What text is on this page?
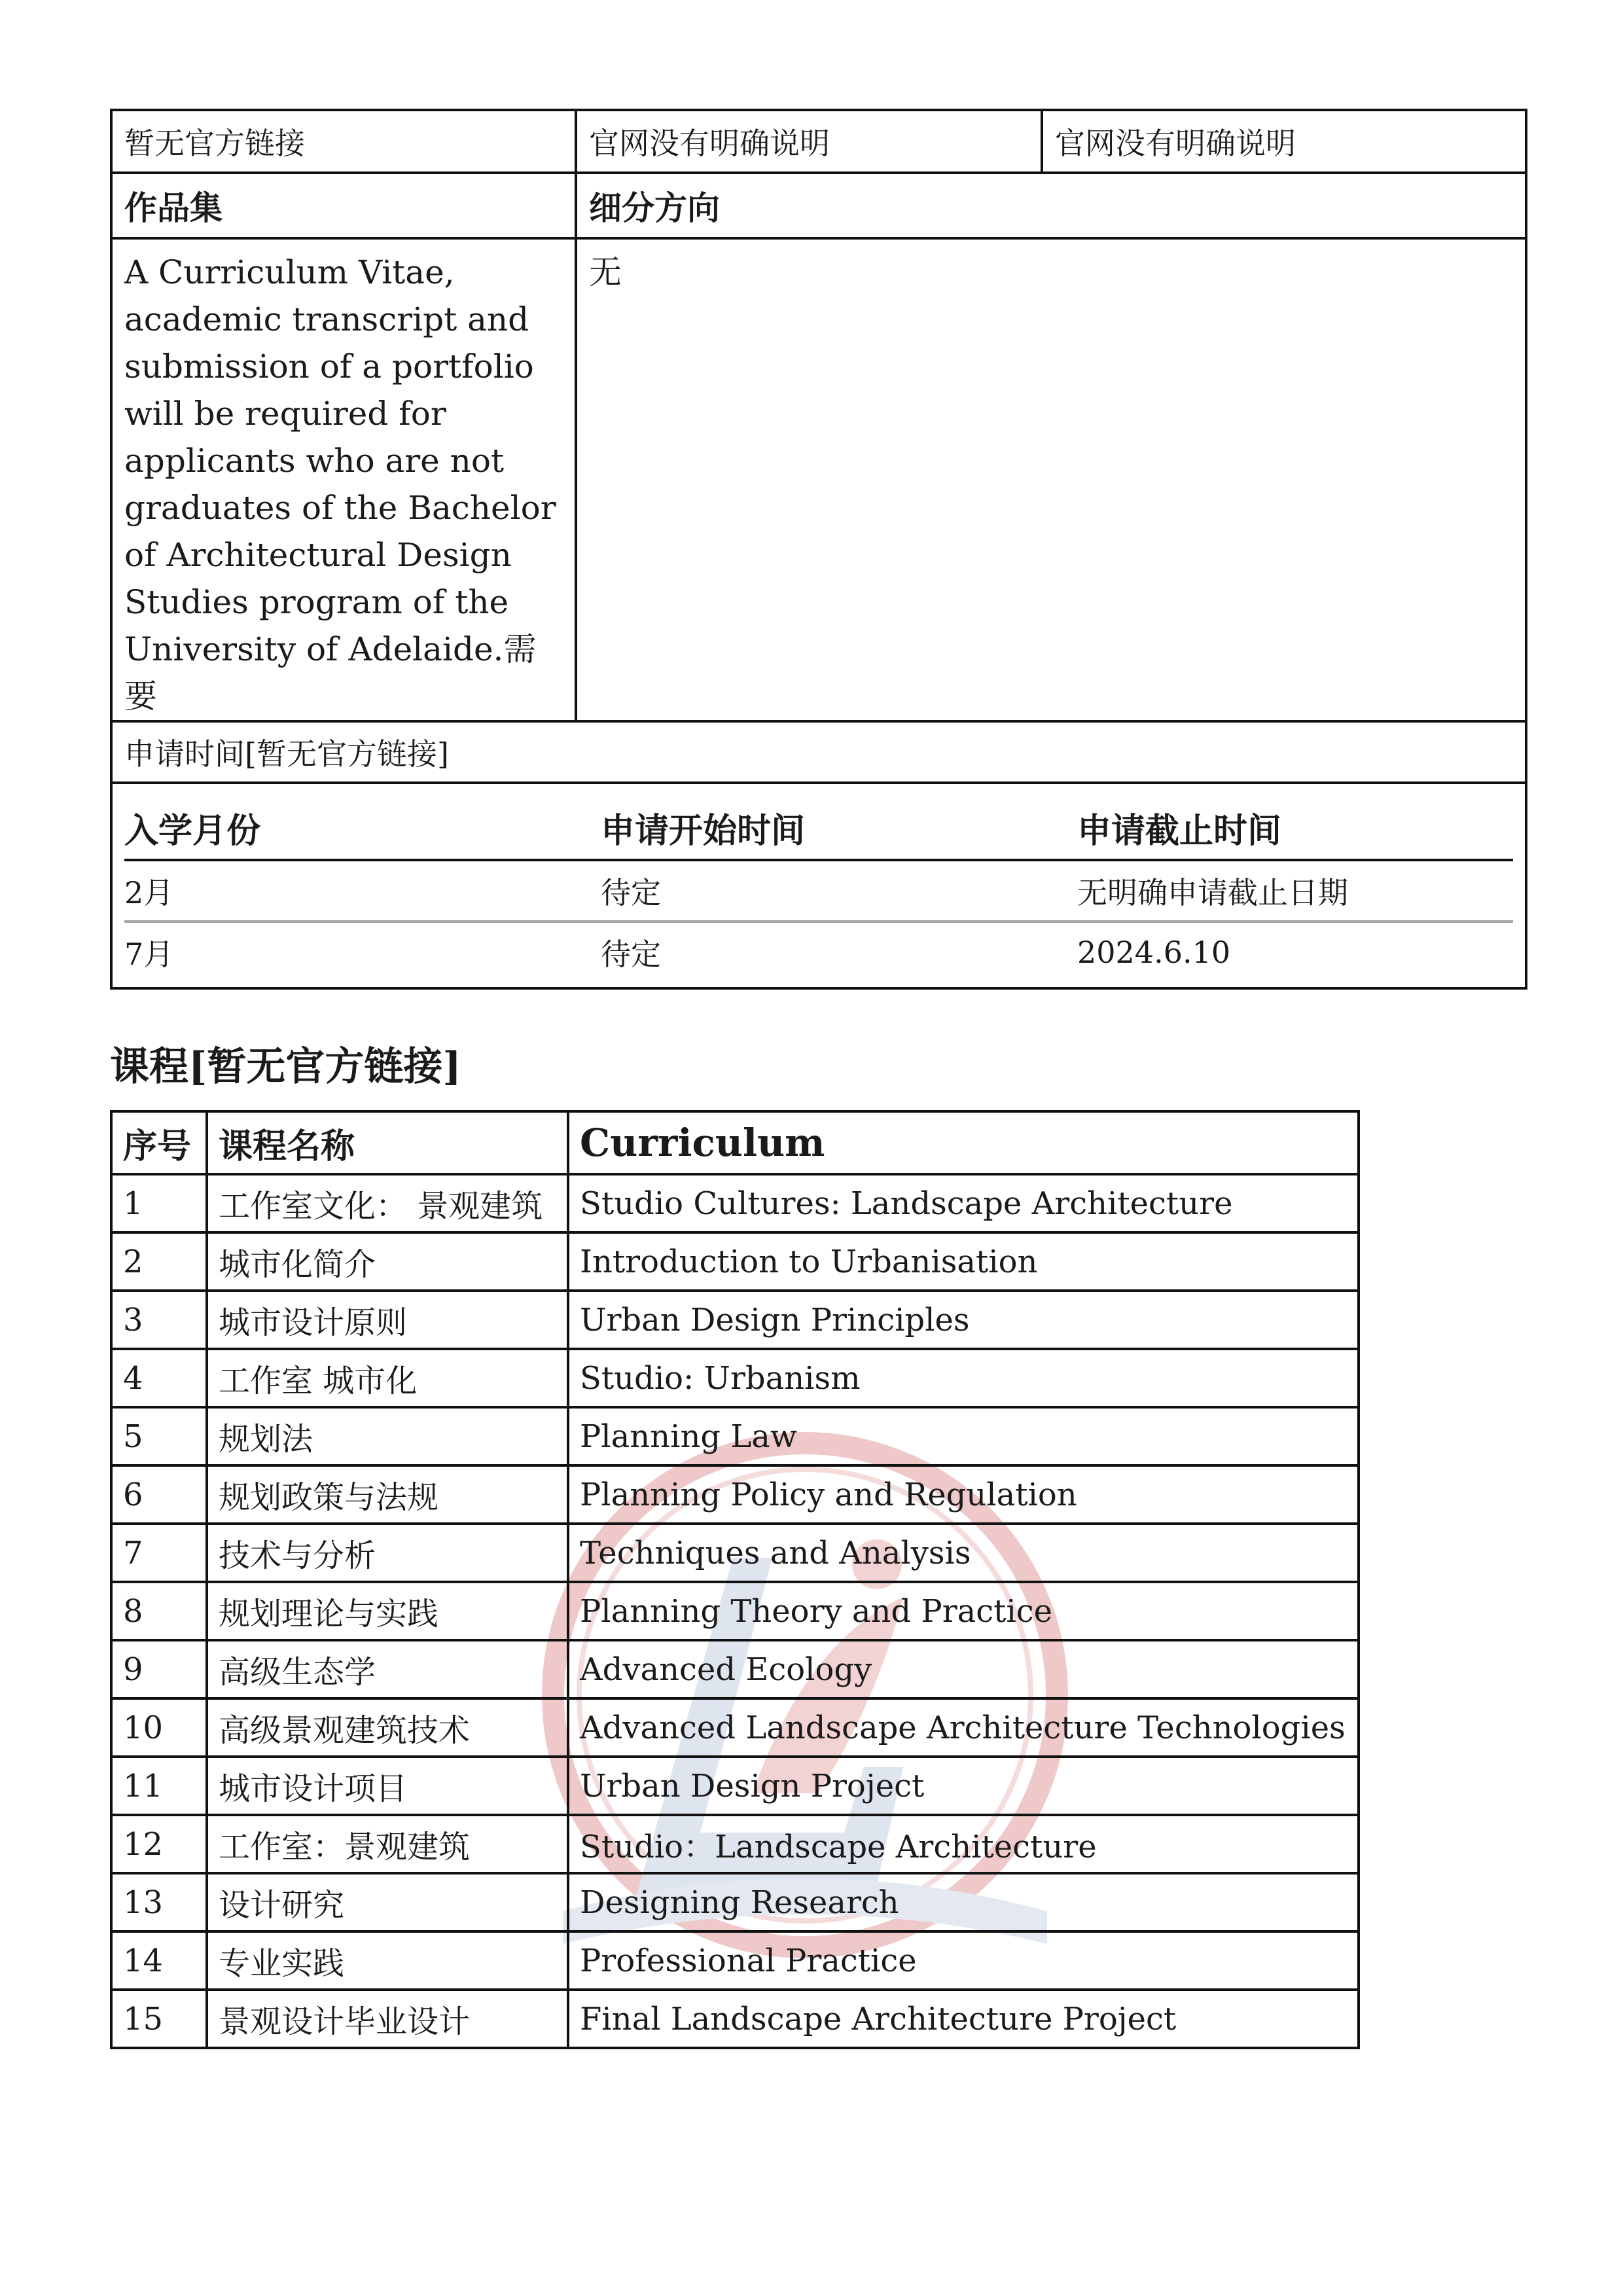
暂无官方链接	官网没有明确说明	官网没有明确说明
作品集	细分方向

A Curriculum Vitae,
academic transcript and
submission of a portfolio
will be required for
applicants who are not
graduates of the Bachelor
of Architectural Design
Studies program of the
University of Adelaide.需要

无

申请时间[暂无官方链接]

入学月份	申请开始时间	申请截止时间
2月	待定	无明确申请截止日期
7月	待定	2024.6.10
课程[暂无官方链接]
序号	课程名称	Curriculum
1	工作室文化： 景观建筑	Studio Cultures: Landscape Architecture
2	城市化简介	Introduction to Urbanisation
3	城市设计原则	Urban Design Principles
4	工作室 城市化	Studio: Urbanism
5	规划法	Planning Law
6	规划政策与法规	Planning Policy and Regulation
7	技术与分析	Techniques and Analysis
8	规划理论与实践	Planning Theory and Practice
9	高级生态学	Advanced Ecology
10	高级景观建筑技术	Advanced Landscape Architecture Technologies
11	城市设计项目	Urban Design Project
12	工作室：景观建筑	Studio：Landscape Architecture
13	设计研究	Designing Research
14	专业实践	Professional Practice
15	景观设计毕业设计	Final Landscape Architecture Project
